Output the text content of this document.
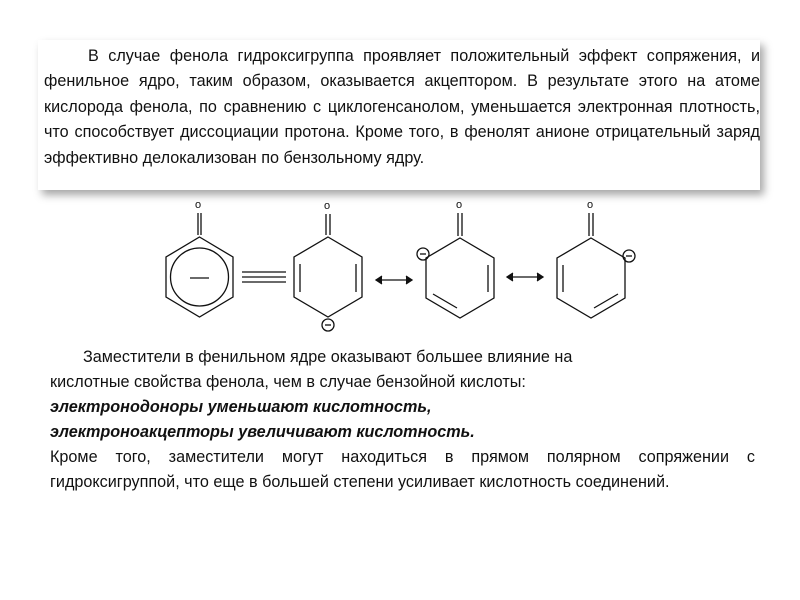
В случае фенола гидроксигруппа проявляет положительный эффект сопряжения, и фенильное ядро, таким образом, оказывается акцептором. В результате этого на атоме кислорода фенола, по сравнению с циклогенсанолом, уменьшается электронная плотность, что способствует диссоциации протона. Кроме того, в фенолят анионе отрицательный заряд эффективно делокализован по бензольному ядру.

o	o	o	o

Заместители в фенильном ядре оказывают большее влияние на

кислотные свойства фенола, чем в случае бензойной кислоты:

электронодоноры уменьшают кислотность,

электроноакцепторы увеличивают кислотность.

Кроме того, заместители могут находиться в прямом полярном сопряжении с гидроксигруппой, что еще в большей степени усиливает кислотность соединений.
